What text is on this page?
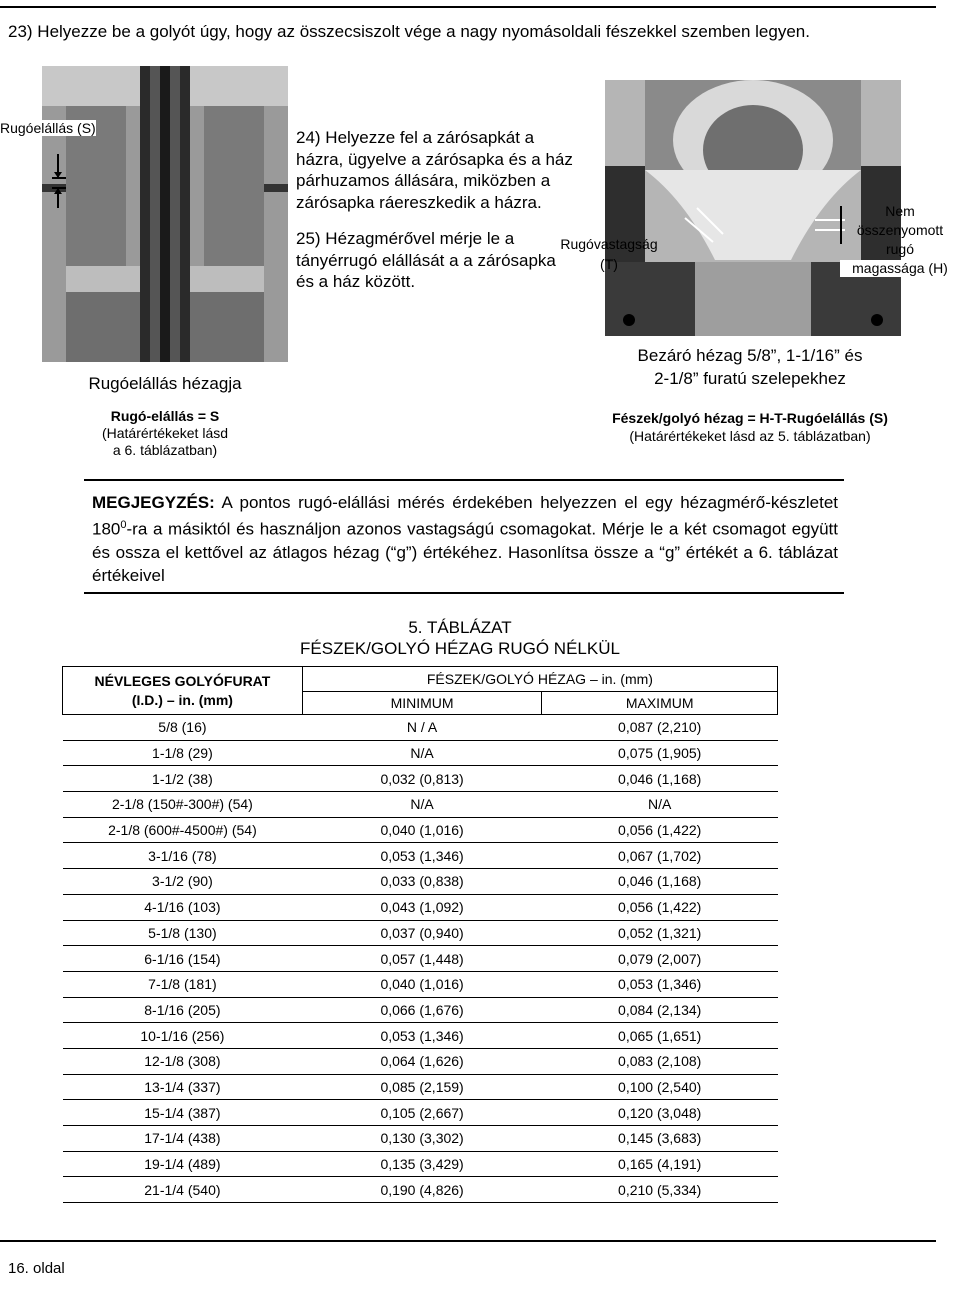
23) Helyezze be a golyót úgy, hogy az összecsiszolt vége a nagy nyomásoldali fészekkel szemben legyen.
Rugóelállás (S)
Rugóelállás hézagja
Rugó-elállás = S
(Határértékeket lásd
a 6. táblázatban)

24) Helyezze fel a zárósapkát a házra, ügyelve a zárósapka és a ház párhuzamos állására, miközben a zárósapka ráereszkedik a házra.

25) Hézagmérővel mérje le a tányérrugó elállását a a zárósapka és a ház között.

Rugóvastagság
(T)
Nem
összenyomott
rugó
magassága (H)
Bezáró hézag 5/8”, 1-1/16” és
2-1/8” furatú szelepekhez
Fészek/golyó hézag = H-T-Rugóelállás (S)
(Határértékeket lásd az 5. táblázatban)
MEGJEGYZÉS: A pontos rugó-elállási mérés érdekében helyezzen el egy hézagmérő-készletet $180^0-ra$ a másiktól és használjon azonos vastagságú csomagokat. Mérje le a két csomagot együtt és ossza el kettővel az átlagos hézag (“g”) értékéhez. Hasonlítsa össze a “g” értékét a 6. táblázat értékeivel
5. TÁBLÁZAT
FÉSZEK/GOLYÓ HÉZAG RUGÓ NÉLKÜL
NÉVLEGES GOLYÓFURAT
(I.D.) – in. (mm)	FÉSZEK/GOLYÓ HÉZAG – in. (mm)	
	MINIMUM	MAXIMUM
5/8 (16)	N / A	0,087 (2,210)
1-1/8 (29)	N/A	0,075 (1,905)
1-1/2 (38)	0,032 (0,813)	0,046 (1,168)
2-1/8 (150#-300#) (54)	N/A	N/A
2-1/8 (600#-4500#) (54)	0,040 (1,016)	0,056 (1,422)
3-1/16 (78)	0,053 (1,346)	0,067 (1,702)
3-1/2 (90)	0,033 (0,838)	0,046 (1,168)
4-1/16 (103)	0,043 (1,092)	0,056 (1,422)
5-1/8 (130)	0,037 (0,940)	0,052 (1,321)
6-1/16 (154)	0,057 (1,448)	0,079 (2,007)
7-1/8 (181)	0,040 (1,016)	0,053 (1,346)
8-1/16 (205)	0,066 (1,676)	0,084 (2,134)
10-1/16 (256)	0,053 (1,346)	0,065 (1,651)
12-1/8 (308)	0,064 (1,626)	0,083 (2,108)
13-1/4 (337)	0,085 (2,159)	0,100 (2,540)
15-1/4 (387)	0,105 (2,667)	0,120 (3,048)
17-1/4 (438)	0,130 (3,302)	0,145 (3,683)
19-1/4 (489)	0,135 (3,429)	0,165 (4,191)
21-1/4 (540)	0,190 (4,826)	0,210 (5,334)
16. oldal
